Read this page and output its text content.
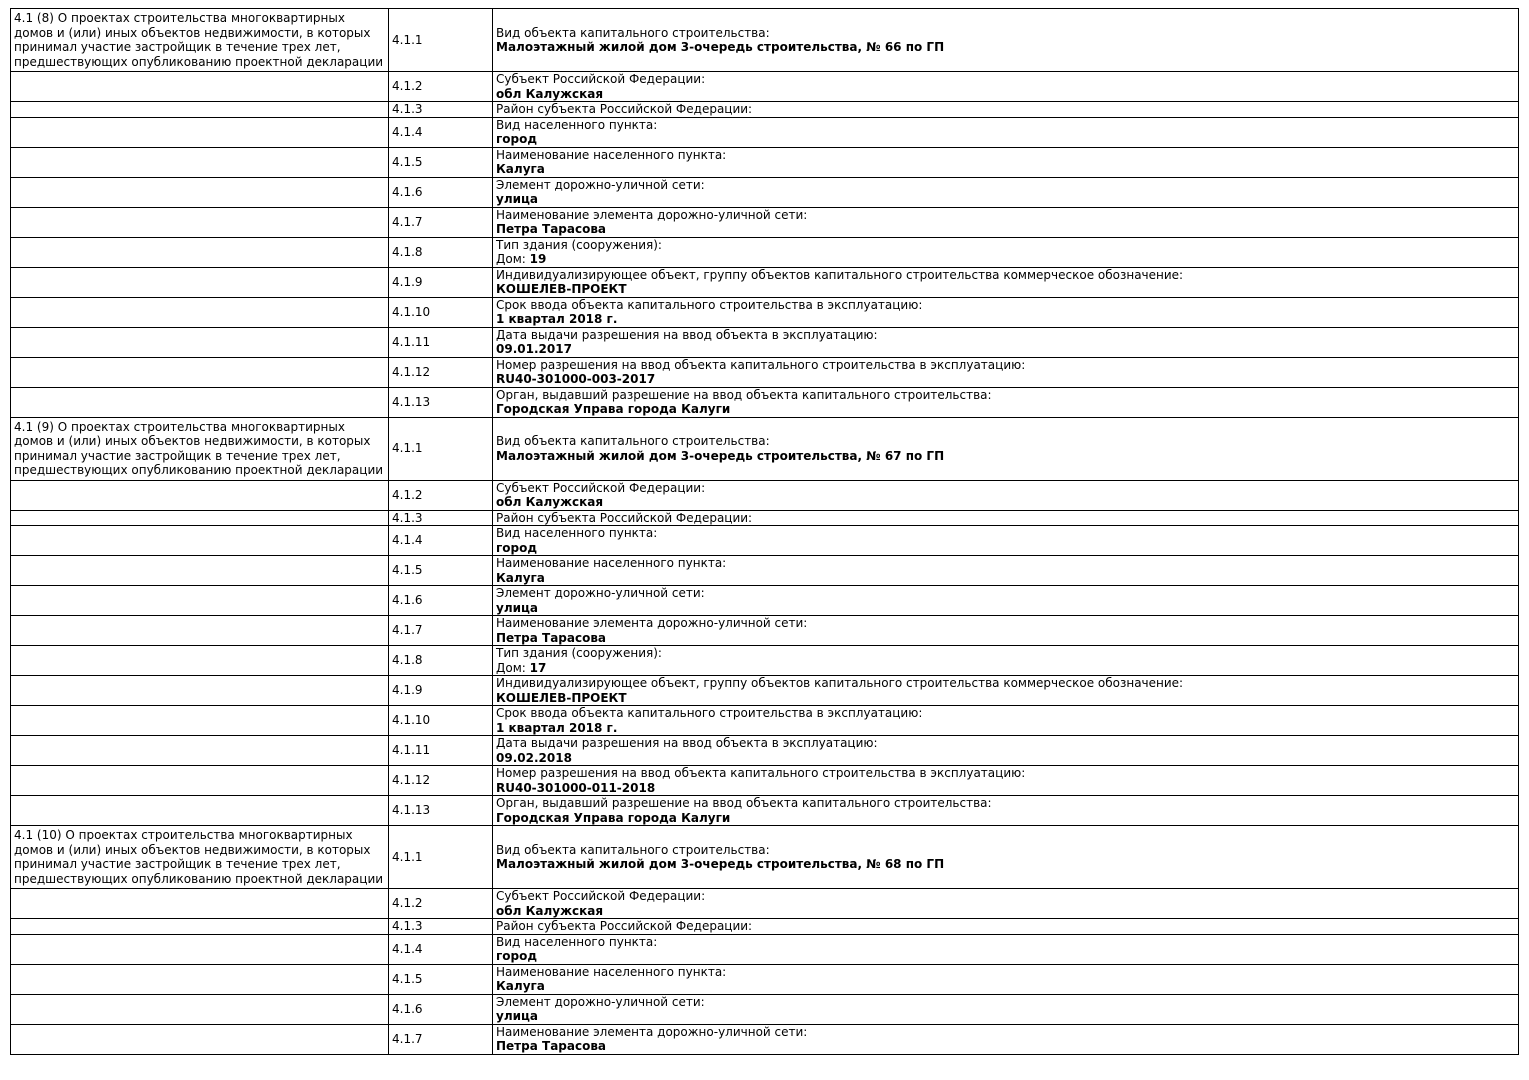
4.1 (8) О проектах строительства многоквартирных домов и (или) иных объектов недвижимости, в которых принимал участие застройщик в течение трех лет, предшествующих опубликованию проектной декларации	4.1.1	Вид объекта капитального строительства:
Малоэтажный жилой дом 3-очередь строительства, № 66 по ГП

	4.1.2	Субъект Российской Федерации:
обл Калужская

	4.1.3	Район субъекта Российской Федерации:

	4.1.4	Вид населенного пункта:
город

	4.1.5	Наименование населенного пункта:
Калуга

	4.1.6	Элемент дорожно-уличной сети:
улица

	4.1.7	Наименование элемента дорожно-уличной сети:
Петра Тарасова

	4.1.8	Тип здания (сооружения):
Дом: 19

	4.1.9	Индивидуализирующее объект, группу объектов капитального строительства коммерческое обозначение:
КОШЕЛЕВ-ПРОЕКТ

	4.1.10	Срок ввода объекта капитального строительства в эксплуатацию:
1 квартал 2018 г.

	4.1.11	Дата выдачи разрешения на ввод объекта в эксплуатацию:
09.01.2017

	4.1.12	Номер разрешения на ввод объекта капитального строительства в эксплуатацию:
RU40-301000-003-2017

	4.1.13	Орган, выдавший разрешение на ввод объекта капитального строительства:
Городская Управа города Калуги

4.1 (9) О проектах строительства многоквартирных домов и (или) иных объектов недвижимости, в которых принимал участие застройщик в течение трех лет, предшествующих опубликованию проектной декларации	4.1.1	Вид объекта капитального строительства:
Малоэтажный жилой дом 3-очередь строительства, № 67 по ГП

	4.1.2	Субъект Российской Федерации:
обл Калужская

	4.1.3	Район субъекта Российской Федерации:

	4.1.4	Вид населенного пункта:
город

	4.1.5	Наименование населенного пункта:
Калуга

	4.1.6	Элемент дорожно-уличной сети:
улица

	4.1.7	Наименование элемента дорожно-уличной сети:
Петра Тарасова

	4.1.8	Тип здания (сооружения):
Дом: 17

	4.1.9	Индивидуализирующее объект, группу объектов капитального строительства коммерческое обозначение:
КОШЕЛЕВ-ПРОЕКТ

	4.1.10	Срок ввода объекта капитального строительства в эксплуатацию:
1 квартал 2018 г.

	4.1.11	Дата выдачи разрешения на ввод объекта в эксплуатацию:
09.02.2018

	4.1.12	Номер разрешения на ввод объекта капитального строительства в эксплуатацию:
RU40-301000-011-2018

	4.1.13	Орган, выдавший разрешение на ввод объекта капитального строительства:
Городская Управа города Калуги

4.1 (10) О проектах строительства многоквартирных домов и (или) иных объектов недвижимости, в которых принимал участие застройщик в течение трех лет, предшествующих опубликованию проектной декларации	4.1.1	Вид объекта капитального строительства:
Малоэтажный жилой дом 3-очередь строительства, № 68 по ГП

	4.1.2	Субъект Российской Федерации:
обл Калужская

	4.1.3	Район субъекта Российской Федерации:

	4.1.4	Вид населенного пункта:
город

	4.1.5	Наименование населенного пункта:
Калуга

	4.1.6	Элемент дорожно-уличной сети:
улица

	4.1.7	Наименование элемента дорожно-уличной сети:
Петра Тарасова
